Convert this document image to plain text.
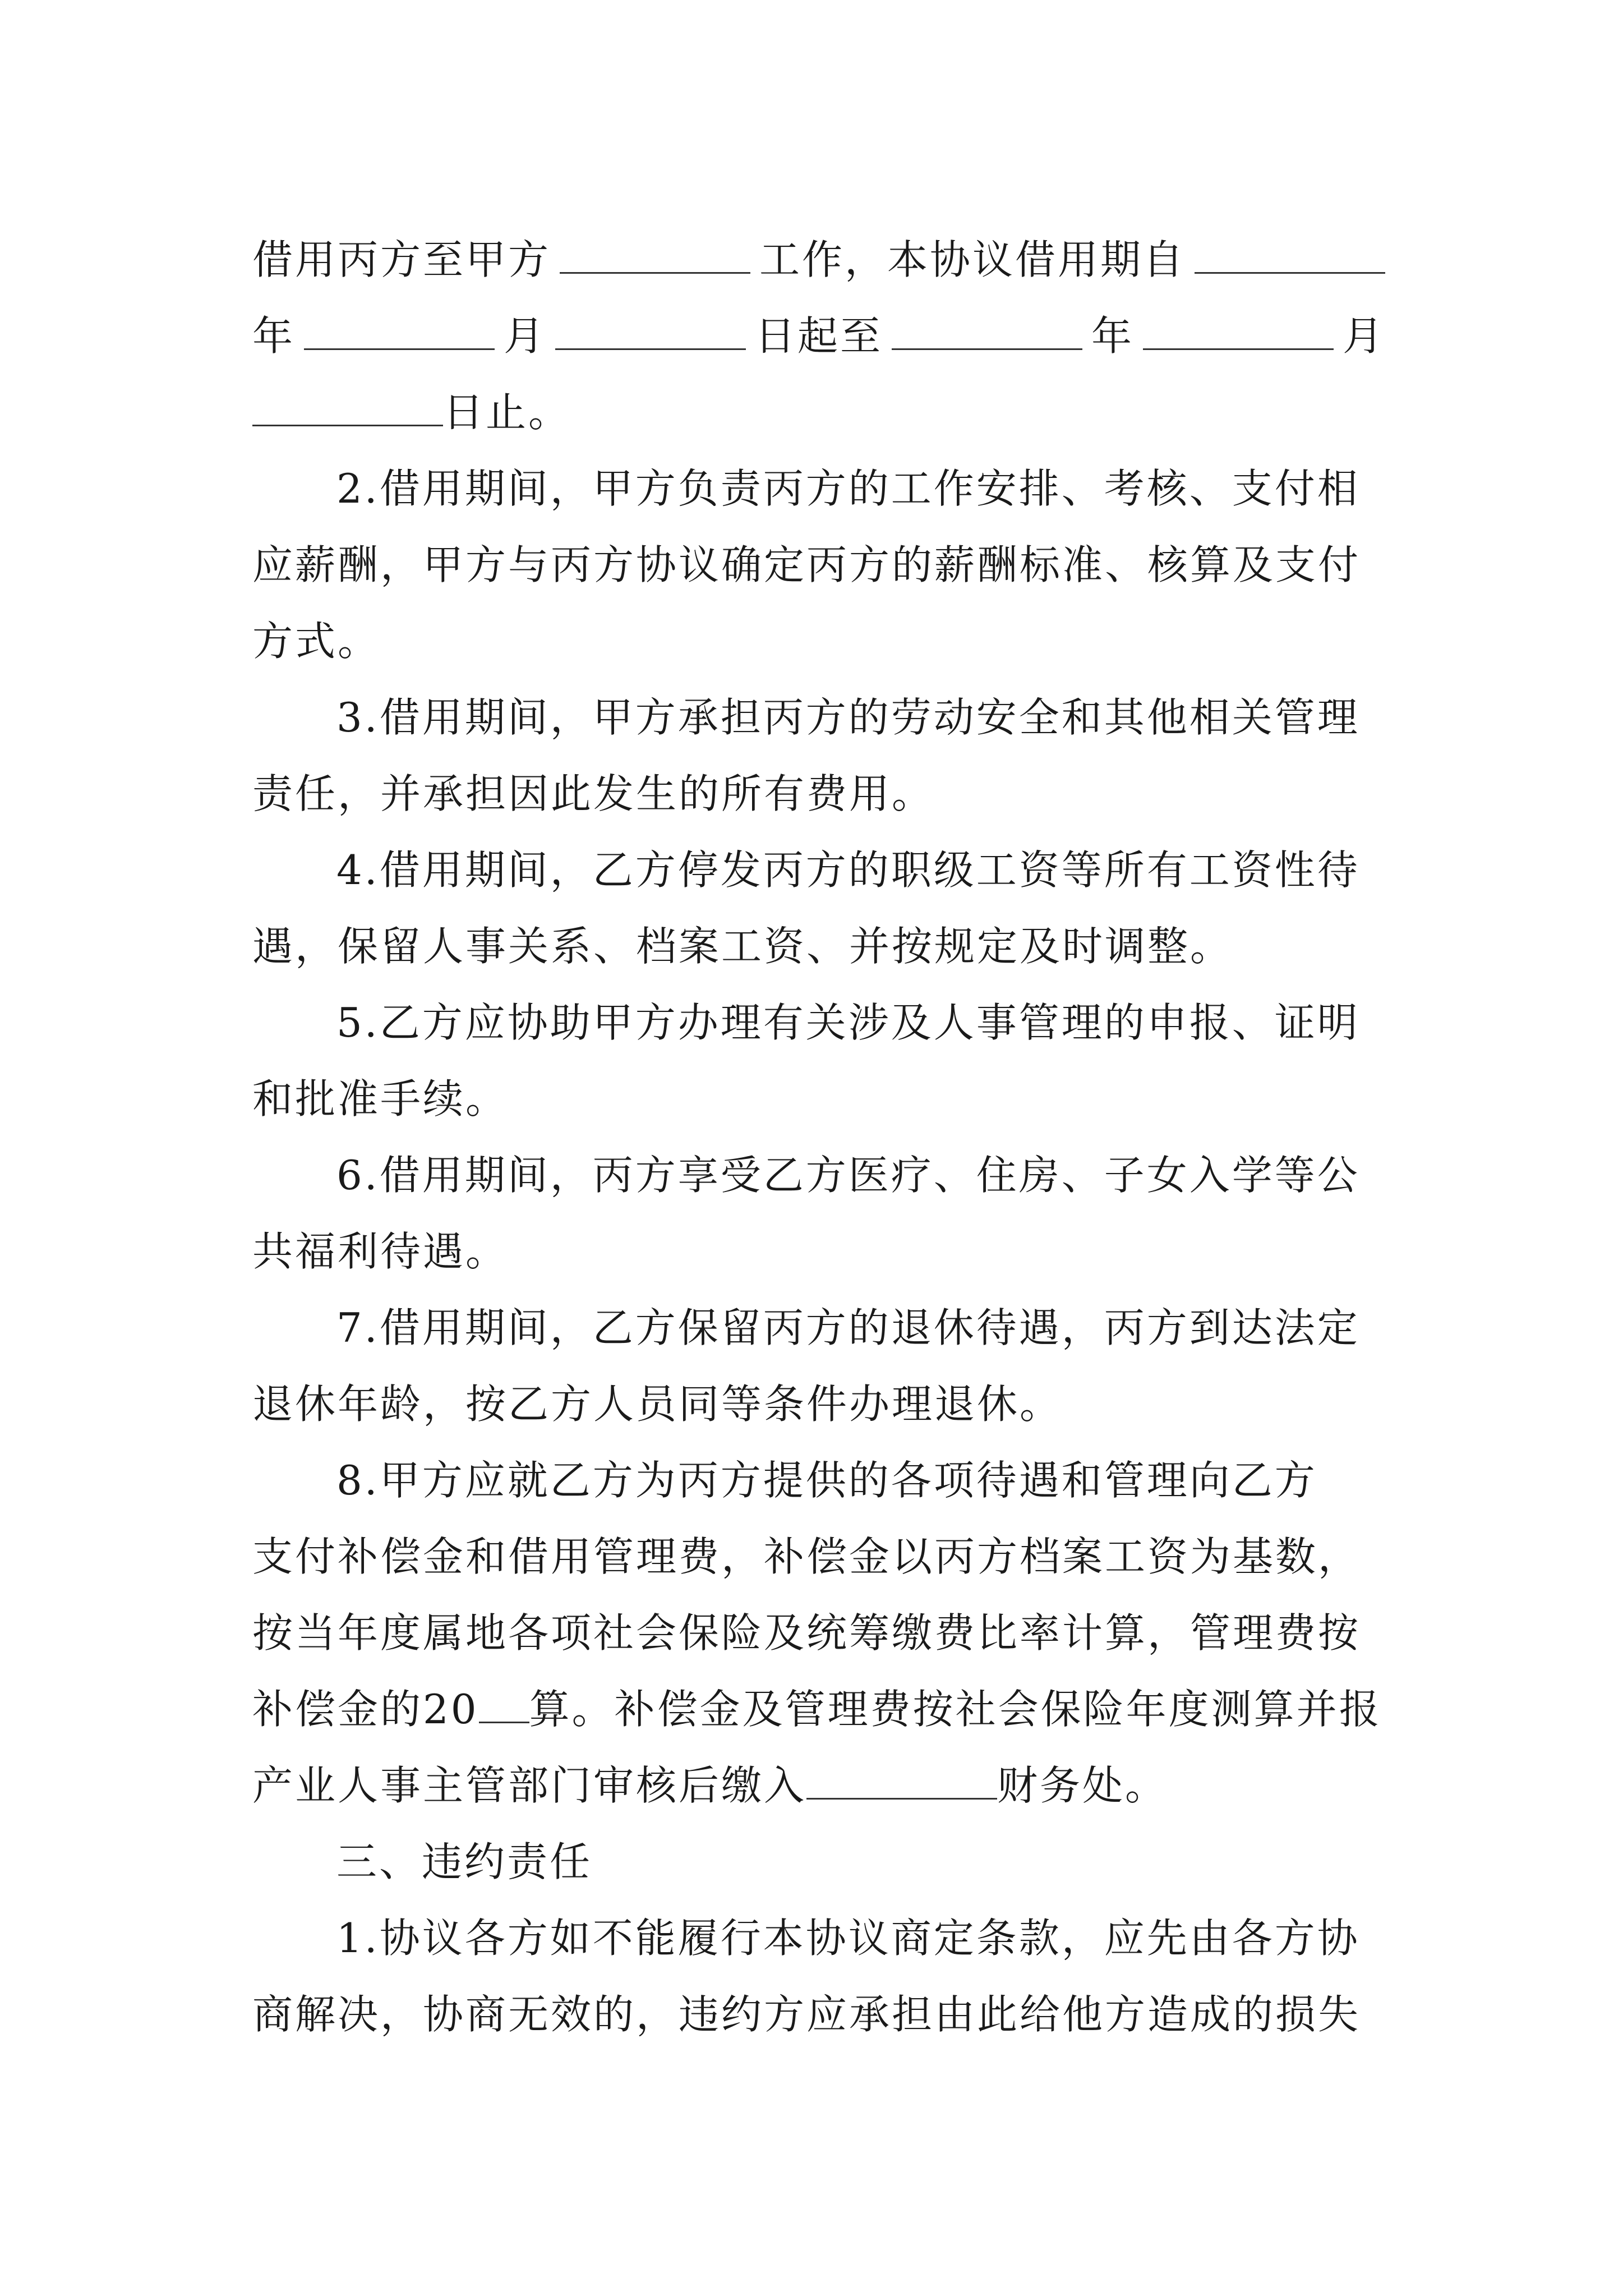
借用丙方至甲方	工作，本协议借用期自
年	月	日起至	年	月
日止。
2.借用期间，甲方负责丙方的工作安排、考核、支付相
应薪酬，甲方与丙方协议确定丙方的薪酬标准、核算及支付
方式。
3.借用期间，甲方承担丙方的劳动安全和其他相关管理
责任，并承担因此发生的所有费用。
4.借用期间，乙方停发丙方的职级工资等所有工资性待
遇，保留人事关系、档案工资、并按规定及时调整。
5.乙方应协助甲方办理有关涉及人事管理的申报、证明
和批准手续。
6.借用期间，丙方享受乙方医疗、住房、子女入学等公
共福利待遇。
7.借用期间，乙方保留丙方的退休待遇，丙方到达法定
退休年龄，按乙方人员同等条件办理退休。
8.甲方应就乙方为丙方提供的各项待遇和管理向乙方
支付补偿金和借用管理费，补偿金以丙方档案工资为基数，
按当年度属地各项社会保险及统筹缴费比率计算，管理费按
补偿金的20 算。补偿金及管理费按社会保险年度测算并报
产业人事主管部门审核后缴入	财务处。
三、违约责任
1.协议各方如不能履行本协议商定条款，应先由各方协
商解决，协商无效的，违约方应承担由此给他方造成的损失
